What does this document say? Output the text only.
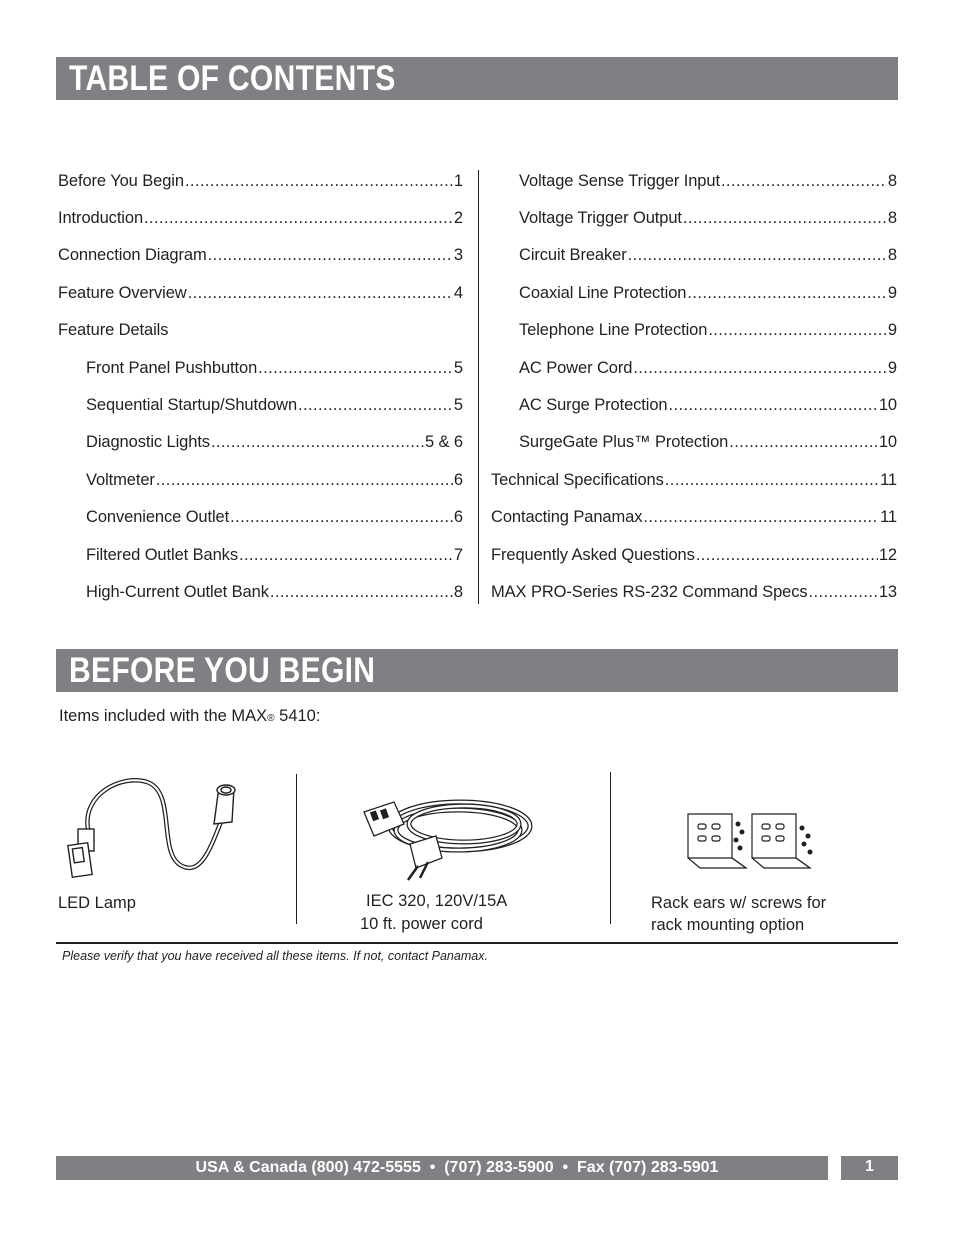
TABLE OF CONTENTS
Before You Begin .....	1
Introduction .....	2
Connection Diagram .....	3
Feature Overview .....	4
Feature Details
Front Panel Pushbutton .....	5
Sequential Startup/Shutdown .....	5
Diagnostic Lights .....	5 & 6
Voltmeter .....	6
Convenience Outlet .....	6
Filtered Outlet Banks .....	7
High-Current Outlet Bank .....	8
Voltage Sense Trigger Input .....	8
Voltage Trigger Output .....	8
Circuit Breaker .....	8
Coaxial Line Protection .....	9
Telephone Line Protection .....	9
AC Power Cord .....	9
AC Surge Protection .....	10
SurgeGate Plus™ Protection .....	10
Technical Specifications .....	11
Contacting Panamax .....	11
Frequently Asked Questions .....	12
MAX PRO-Series RS-232 Command Specs .....	13
BEFORE YOU BEGIN
Items included with the MAX® 5410:
LED Lamp	IEC 320, 120V/15A
10 ft. power cord
Rack ears w/ screws for
rack mounting option
Please verify that you have received all these items. If not, contact Panamax.
USA & Canada (800) 472-5555  •  (707) 283-5900  •  Fax (707) 283-5901	1
